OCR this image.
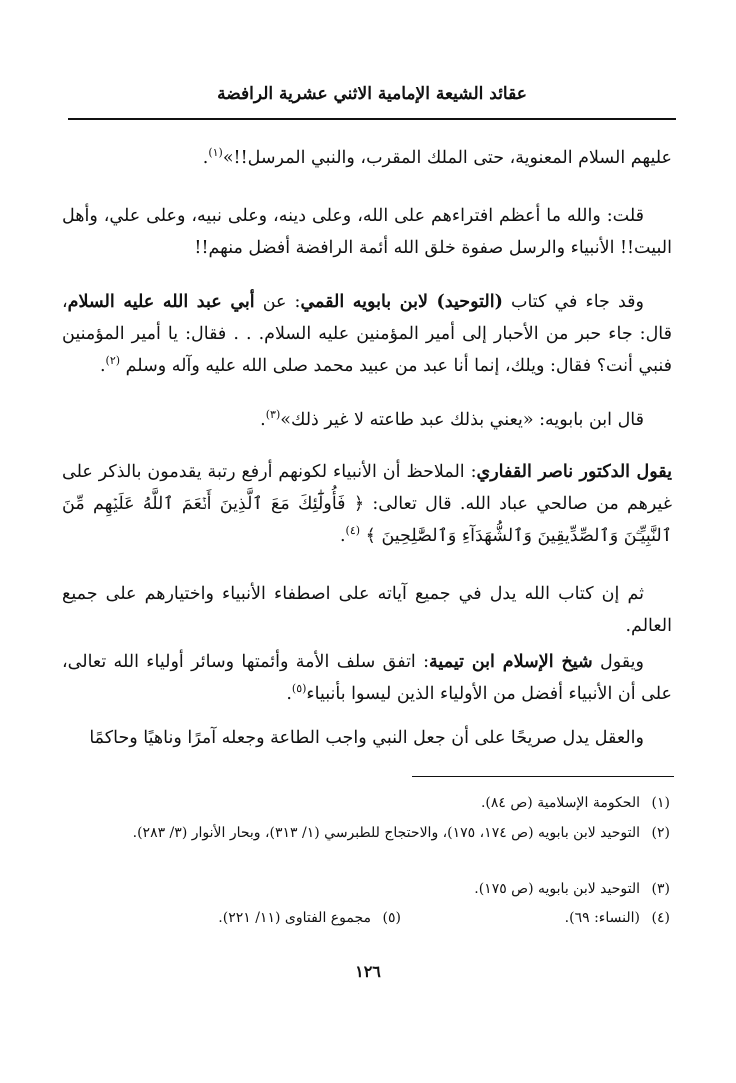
عقائد الشيعة الإمامية الاثني عشرية الرافضة

عليهم السلام المعنوية، حتى الملك المقرب، والنبي المرسل!!»$^{(١)}$.

قلت: والله ما أعظم افتراءهم على الله، وعلى دينه، وعلى نبيه، وعلى علي، وأهل البيت!! الأنبياء والرسل صفوة خلق الله أئمة الرافضة أفضل منهم!!

وقد جاء في كتاب (التوحيد) لابن بابويه القمي: عن أبي عبد الله عليه السلام، قال: جاء حبر من الأحبار إلى أمير المؤمنين عليه السلام. . . فقال: يا أمير المؤمنين فنبي أنت؟ فقال: ويلك، إنما أنا عبد من عبيد محمد صلى الله عليه وآله وسلم $^{(٢)}$.

قال ابن بابويه: «يعني بذلك عبد طاعته لا غير ذلك»$^{(٣)}$.

يقول الدكتور ناصر القفاري: الملاحظ أن الأنبياء لكونهم أرفع رتبة يقدمون بالذكر على غيرهم من صالحي عباد الله. قال تعالى: ﴿ فَأُولَٰٓئِكَ مَعَ ٱلَّذِينَ أَنۡعَمَ ٱللَّهُ عَلَيۡهِم مِّنَ ٱلنَّبِيِّـۧنَ وَٱلصِّدِّيقِينَ وَٱلشُّهَدَآءِ وَٱلصَّٰلِحِينَ ﴾ $^{(٤)}$.

ثم إن كتاب الله يدل في جميع آياته على اصطفاء الأنبياء واختيارهم على جميع العالم.

ويقول شيخ الإسلام ابن تيمية: اتفق سلف الأمة وأئمتها وسائر أولياء الله تعالى، على أن الأنبياء أفضل من الأولياء الذين ليسوا بأنبياء$^{(٥)}$.

والعقل يدل صريحًا على أن جعل النبي واجب الطاعة وجعله آمرًا وناهيًا وحاكمًا

(١)الحكومة الإسلامية (ص ٨٤).

(٢)التوحيد لابن بابويه (ص ١٧٤، ١٧٥)، والاحتجاج للطبرسي (١/ ٣١٣)، وبحار الأنوار (٣/ ٢٨٣).

(٣)التوحيد لابن بابويه (ص ١٧٥).

(٤)(النساء: ٦٩).

(٥)مجموع الفتاوى (١١/ ٢٢١).

١٢٦
